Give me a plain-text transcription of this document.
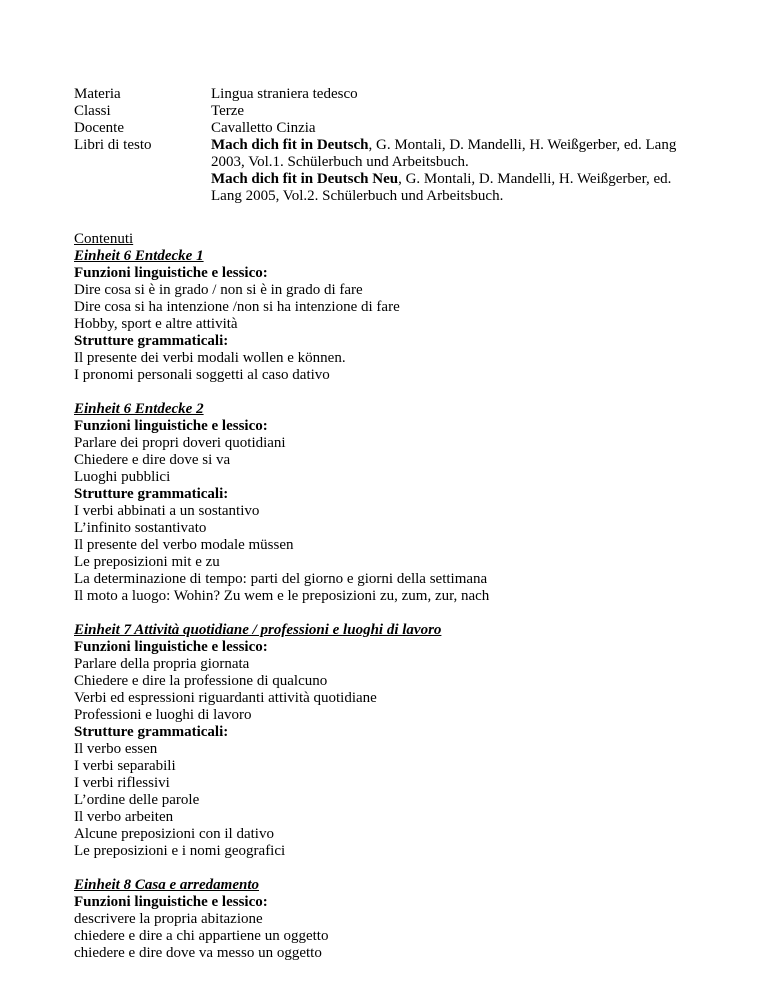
Materia	Lingua straniera tedesco
Classi	Terze
Docente	Cavalletto Cinzia
Libri di testo	Mach dich fit in Deutsch, G. Montali, D. Mandelli, H. Weißgerber, ed. Lang
2003, Vol.1. Schülerbuch und Arbeitsbuch.
Mach dich fit in Deutsch Neu, G. Montali, D. Mandelli, H. Weißgerber, ed.
Lang 2005, Vol.2. Schülerbuch und Arbeitsbuch.
Contenuti
Einheit 6 Entdecke 1
Funzioni linguistiche e lessico:
Dire cosa si è in grado / non si è in grado di fare
Dire cosa si ha intenzione /non si ha intenzione di fare
Hobby, sport e altre attività
Strutture grammaticali:
Il presente dei verbi modali wollen e können.
I pronomi personali soggetti al caso dativo
Einheit 6 Entdecke 2
Funzioni linguistiche e lessico:
Parlare dei propri doveri quotidiani
Chiedere e dire dove si va
Luoghi pubblici
Strutture grammaticali:
I verbi abbinati a un sostantivo
L’infinito sostantivato
Il presente del verbo modale müssen
Le preposizioni mit e zu
La determinazione di tempo: parti del giorno e giorni della settimana
Il moto a luogo: Wohin? Zu wem e le preposizioni zu, zum, zur, nach
Einheit 7 Attività quotidiane / professioni e luoghi di lavoro
Funzioni linguistiche e lessico:
Parlare della propria giornata
Chiedere e dire la professione di qualcuno
Verbi ed espressioni riguardanti attività quotidiane
Professioni e luoghi di lavoro
Strutture grammaticali:
Il verbo essen
I verbi separabili
I verbi riflessivi
L’ordine delle parole
Il verbo arbeiten
Alcune preposizioni con il dativo
Le preposizioni e i nomi geografici
Einheit 8 Casa e arredamento
Funzioni linguistiche e lessico:
descrivere la propria abitazione
chiedere e dire a chi appartiene un oggetto
chiedere e dire dove va messo un oggetto
